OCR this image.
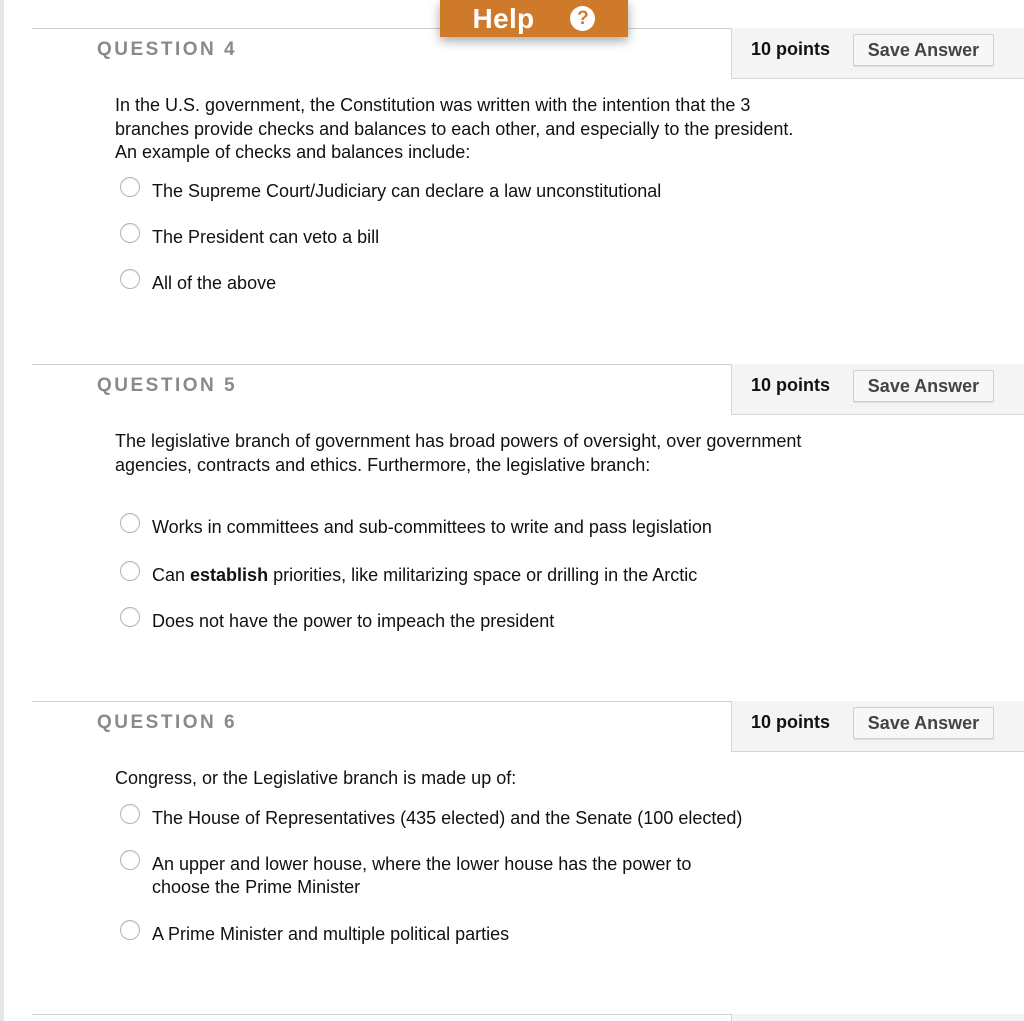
Help	?
QUESTION 4	10 points	Save Answer
In the U.S. government, the Constitution was written with the intention that the 3 branches provide checks and balances to each other, and especially to the president. An example of checks and balances include:
The Supreme Court/Judiciary can declare a law unconstitutional
The President can veto a bill
All of the above
QUESTION 5	10 points	Save Answer
The legislative branch of government has broad powers of oversight, over government agencies, contracts and ethics. Furthermore, the legislative branch:
Works in committees and sub-committees to write and pass legislation
Can establish priorities, like militarizing space or drilling in the Arctic
Does not have the power to impeach the president
QUESTION 6	10 points	Save Answer
Congress, or the Legislative branch is made up of:
The House of Representatives (435 elected) and the Senate (100 elected)
An upper and lower house, where the lower house has the power to choose the Prime Minister
A Prime Minister and multiple political parties
